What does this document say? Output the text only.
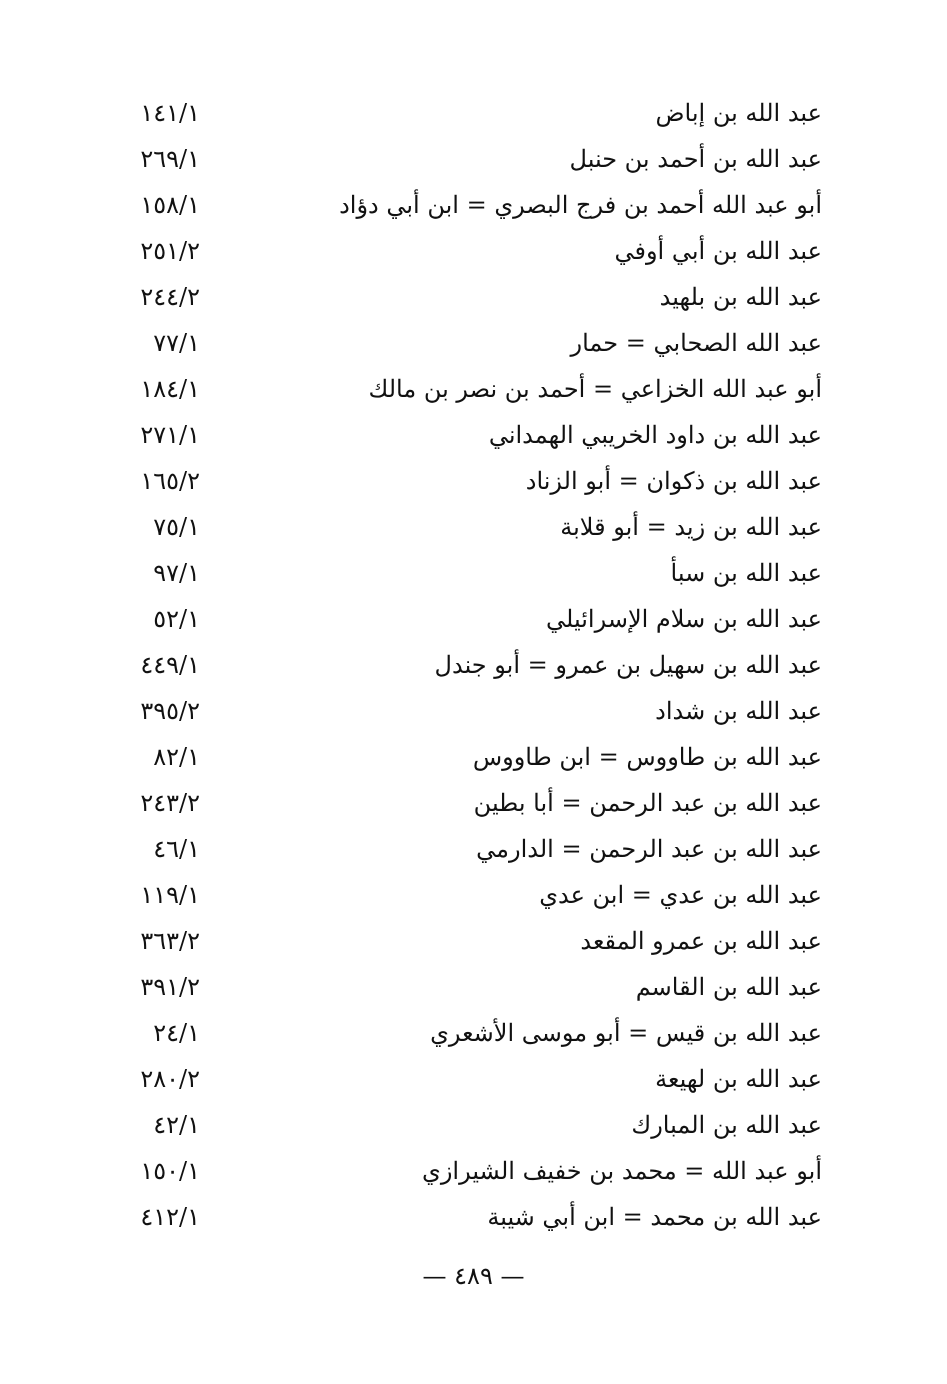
١٤١/١	عبد الله بن إباض
٢٦٩/١	عبد الله بن أحمد بن حنبل
١٥٨/١	أبو عبد الله أحمد بن فرج البصري = ابن أبي دؤاد
٢٥١/٢	عبد الله بن أبي أوفي
٢٤٤/٢	عبد الله بن بلهيد
٧٧/١	عبد الله الصحابي = حمار
١٨٤/١	أبو عبد الله الخزاعي = أحمد بن نصر بن مالك
٢٧١/١	عبد الله بن داود الخريبي الهمداني
١٦٥/٢	عبد الله بن ذكوان = أبو الزناد
٧٥/١	عبد الله بن زيد = أبو قلابة
٩٧/١	عبد الله بن سبأ
٥٢/١	عبد الله بن سلام الإسرائيلي
٤٤٩/١	عبد الله بن سهيل بن عمرو = أبو جندل
٣٩٥/٢	عبد الله بن شداد
٨٢/١	عبد الله بن طاووس = ابن طاووس
٢٤٣/٢	عبد الله بن عبد الرحمن = أبا بطين
٤٦/١	عبد الله بن عبد الرحمن = الدارمي
١١٩/١	عبد الله بن عدي = ابن عدي
٣٦٣/٢	عبد الله بن عمرو المقعد
٣٩١/٢	عبد الله بن القاسم
٢٤/١	عبد الله بن قيس = أبو موسى الأشعري
٢٨٠/٢	عبد الله بن لهيعة
٤٢/١	عبد الله بن المبارك
١٥٠/١	أبو عبد الله = محمد بن خفيف الشيرازي
٤١٢/١	عبد الله بن محمد = ابن أبي شيبة
— ٤٨٩ —
